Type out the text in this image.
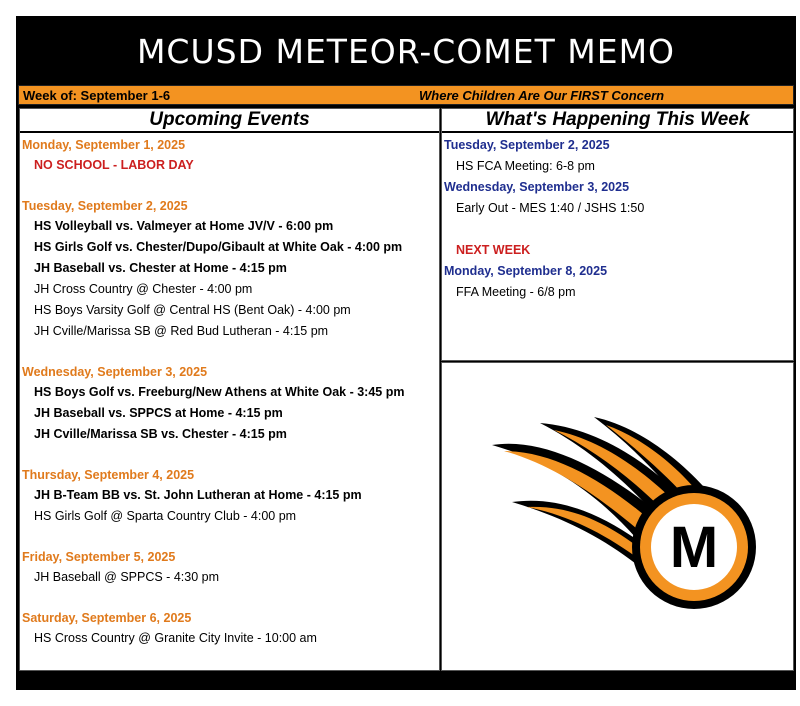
MCUSD METEOR-COMET MEMO
Week of: September 1-6	Where Children Are Our FIRST Concern
Upcoming Events
Monday, September 1, 2025
NO SCHOOL - LABOR DAY
Tuesday, September 2, 2025
HS Volleyball vs. Valmeyer at Home JV/V - 6:00 pm
HS Girls Golf vs. Chester/Dupo/Gibault at White Oak - 4:00 pm
JH Baseball vs. Chester at Home - 4:15 pm
JH Cross Country @ Chester - 4:00 pm
HS Boys Varsity Golf @ Central HS (Bent Oak) - 4:00 pm
JH Cville/Marissa SB @ Red Bud Lutheran - 4:15 pm
Wednesday, September 3, 2025
HS Boys Golf vs. Freeburg/New Athens at White Oak - 3:45 pm
JH Baseball vs. SPPCS at Home - 4:15 pm
JH Cville/Marissa SB vs. Chester - 4:15 pm
Thursday, September 4, 2025
JH B-Team BB vs. St. John Lutheran at Home - 4:15 pm
HS Girls Golf @ Sparta Country Club - 4:00 pm
Friday, September 5, 2025
JH Baseball @ SPPCS - 4:30 pm
Saturday, September 6, 2025
HS Cross Country @ Granite City Invite - 10:00 am
What's Happening This Week
Tuesday, September 2, 2025
HS FCA Meeting: 6-8 pm
Wednesday, September 3, 2025
Early Out - MES 1:40 / JSHS 1:50
NEXT WEEK
Monday, September 8, 2025
FFA Meeting - 6/8 pm
M
